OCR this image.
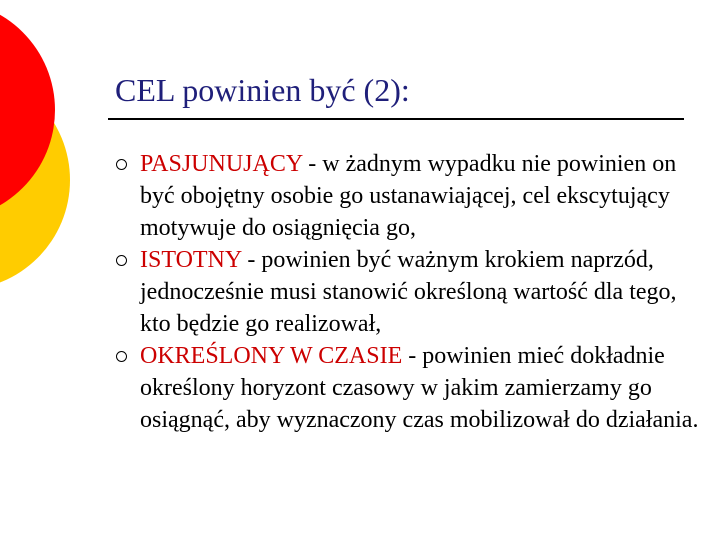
CEL powinien być (2):
PASJUNUJĄCY - w żadnym wypadku nie powinien on być obojętny osobie go ustanawiającej, cel ekscytujący motywuje do osiągnięcia go,
ISTOTNY - powinien być ważnym krokiem naprzód, jednocześnie musi stanowić określoną wartość dla tego, kto będzie go realizował,
OKREŚLONY W CZASIE - powinien mieć dokładnie określony horyzont czasowy w jakim zamierzamy go osiągnąć, aby wyznaczony czas mobilizował do działania.
